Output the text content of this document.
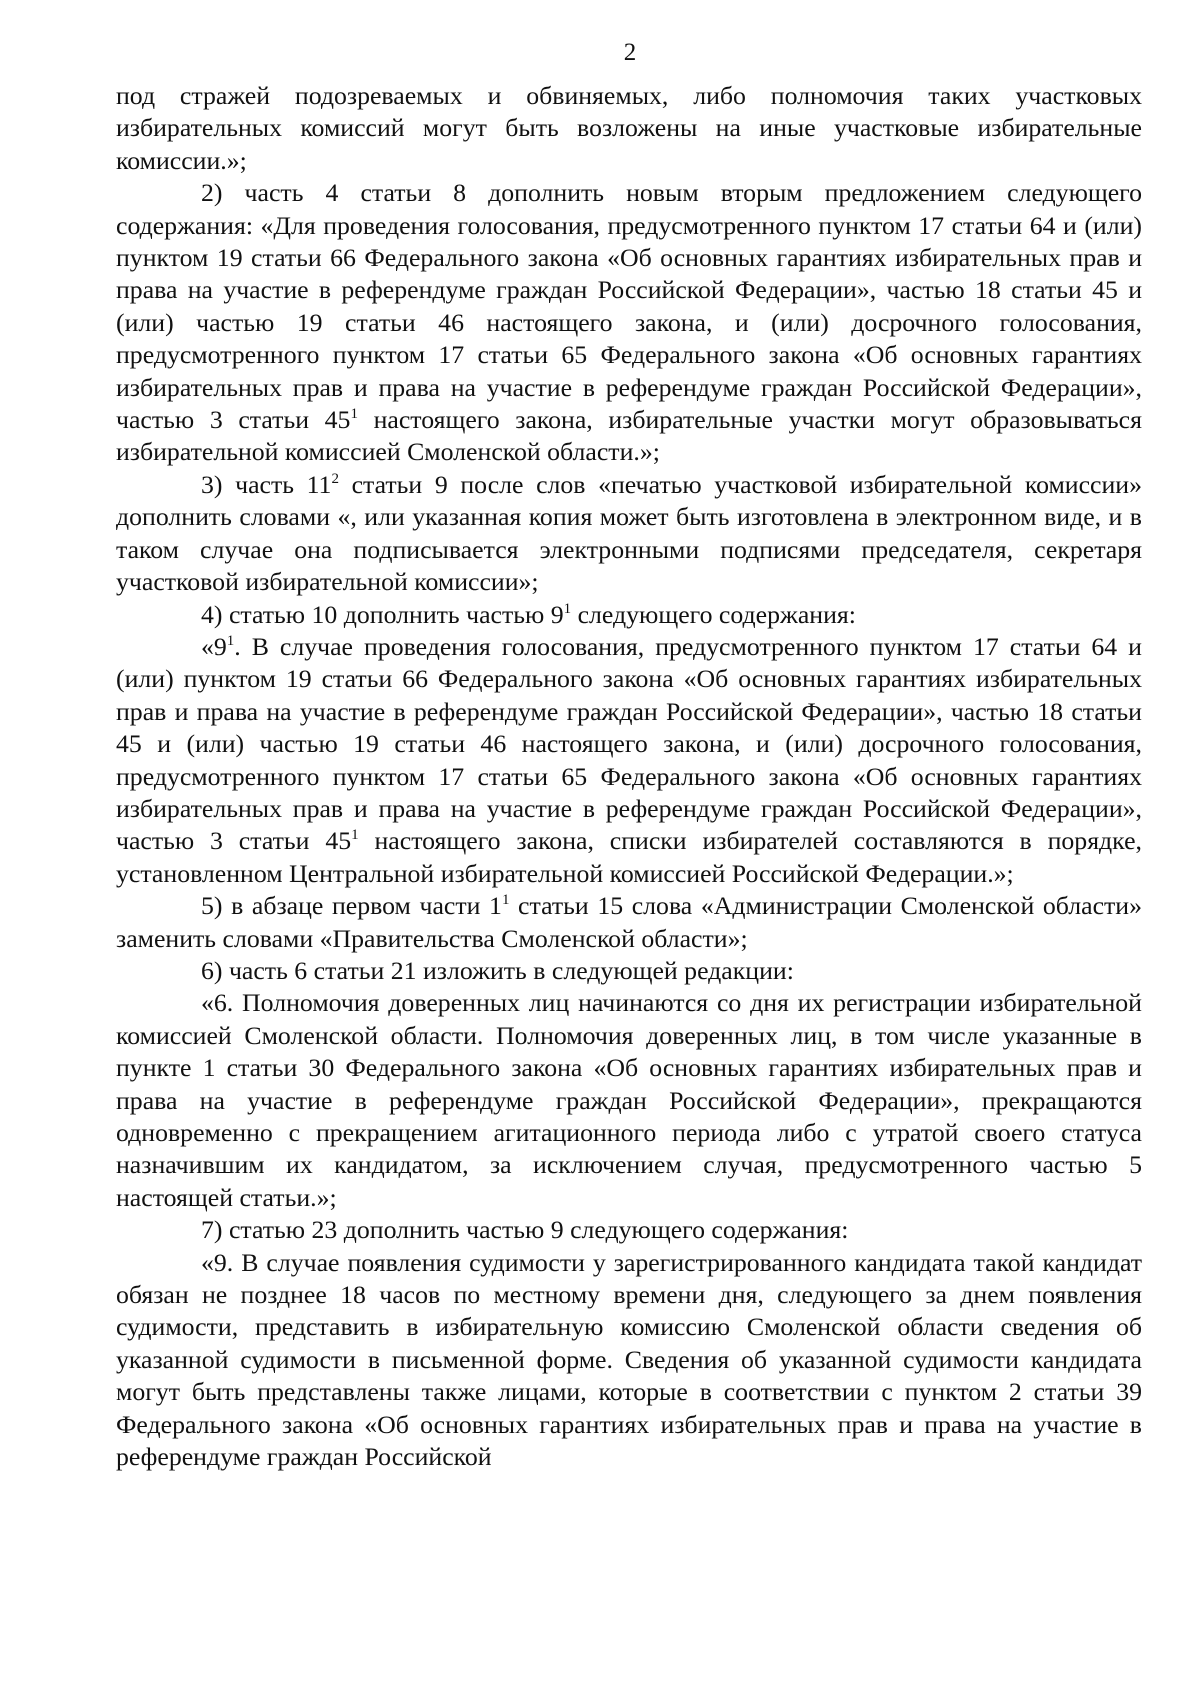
2

под стражей подозреваемых и обвиняемых, либо полномочия таких участковых избирательных комиссий могут быть возложены на иные участковые избирательные комиссии.»;

2) часть 4 статьи 8 дополнить новым вторым предложением следующего содержания: «Для проведения голосования, предусмотренного пунктом 17 статьи 64 и (или) пунктом 19 статьи 66 Федерального закона «Об основных гарантиях избирательных прав и права на участие в референдуме граждан Российской Федерации», частью 18 статьи 45 и (или) частью 19 статьи 46 настоящего закона, и (или) досрочного голосования, предусмотренного пунктом 17 статьи 65 Федерального закона «Об основных гарантиях избирательных прав и права на участие в референдуме граждан Российской Федерации», частью 3 статьи $45^1$ настоящего закона, избирательные участки могут образовываться избирательной комиссией Смоленской области.»;

3) часть $11^2$ статьи 9 после слов «печатью участковой избирательной комиссии» дополнить словами «, или указанная копия может быть изготовлена в электронном виде, и в таком случае она подписывается электронными подписями председателя, секретаря участковой избирательной комиссии»;

4) статью 10 дополнить частью $9^1$ следующего содержания:

«$9^1$. В случае проведения голосования, предусмотренного пунктом 17 статьи 64 и (или) пунктом 19 статьи 66 Федерального закона «Об основных гарантиях избирательных прав и права на участие в референдуме граждан Российской Федерации», частью 18 статьи 45 и (или) частью 19 статьи 46 настоящего закона, и (или) досрочного голосования, предусмотренного пунктом 17 статьи 65 Федерального закона «Об основных гарантиях избирательных прав и права на участие в референдуме граждан Российской Федерации», частью 3 статьи $45^1$ настоящего закона, списки избирателей составляются в порядке, установленном Центральной избирательной комиссией Российской Федерации.»;

5) в абзаце первом части $1^1$ статьи 15 слова «Администрации Смоленской области» заменить словами «Правительства Смоленской области»;

6) часть 6 статьи 21 изложить в следующей редакции:

«6. Полномочия доверенных лиц начинаются со дня их регистрации избирательной комиссией Смоленской области. Полномочия доверенных лиц, в том числе указанные в пункте 1 статьи 30 Федерального закона «Об основных гарантиях избирательных прав и права на участие в референдуме граждан Российской Федерации», прекращаются одновременно с прекращением агитационного периода либо с утратой своего статуса назначившим их кандидатом, за исключением случая, предусмотренного частью 5 настоящей статьи.»;

7) статью 23 дополнить частью 9 следующего содержания:

«9. В случае появления судимости у зарегистрированного кандидата такой кандидат обязан не позднее 18 часов по местному времени дня, следующего за днем появления судимости, представить в избирательную комиссию Смоленской области сведения об указанной судимости в письменной форме. Сведения об указанной судимости кандидата могут быть представлены также лицами, которые в соответствии с пунктом 2 статьи 39 Федерального закона «Об основных гарантиях избирательных прав и права на участие в референдуме граждан Российской
